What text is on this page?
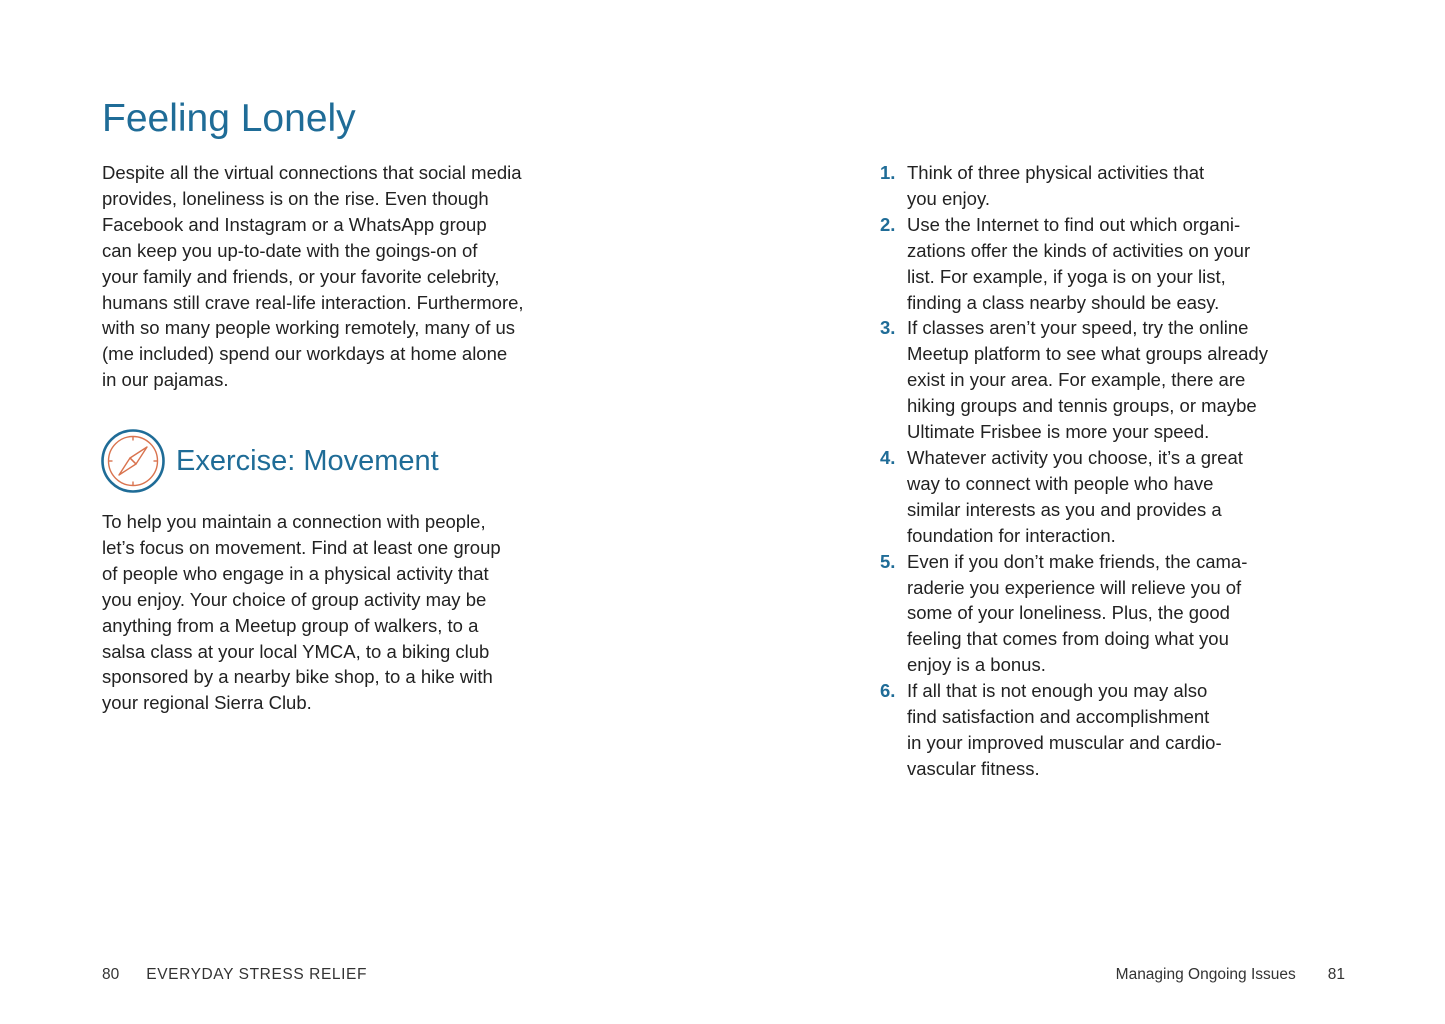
Feeling Lonely
Despite all the virtual connections that social media
provides, loneliness is on the rise. Even though
Facebook and Instagram or a WhatsApp group
can keep you up-to-date with the goings-on of
your family and friends, or your favorite celebrity,
humans still crave real-life interaction. Furthermore,
with so many people working remotely, many of us
(me included) spend our workdays at home alone
in our pajamas.
Exercise: Movement
To help you maintain a connection with people,
let’s focus on movement. Find at least one group
of people who engage in a physical activity that
you enjoy. Your choice of group activity may be
anything from a Meetup group of walkers, to a
salsa class at your local YMCA, to a biking club
sponsored by a nearby bike shop, to a hike with
your regional Sierra Club.
80 EVERYDAY STRESS RELIEF
1. Think of three physical activities that
you enjoy.
2. Use the Internet to find out which organi-
zations offer the kinds of activities on your
list. For example, if yoga is on your list,
finding a class nearby should be easy.
3. If classes aren’t your speed, try the online
Meetup platform to see what groups already
exist in your area. For example, there are
hiking groups and tennis groups, or maybe
Ultimate Frisbee is more your speed.
4. Whatever activity you choose, it’s a great
way to connect with people who have
similar interests as you and provides a
foundation for interaction.
5. Even if you don’t make friends, the cama-
raderie you experience will relieve you of
some of your loneliness. Plus, the good
feeling that comes from doing what you
enjoy is a bonus.
6. If all that is not enough you may also
find satisfaction and accomplishment
in your improved muscular and cardio-
vascular fitness.
Managing Ongoing Issues 81
